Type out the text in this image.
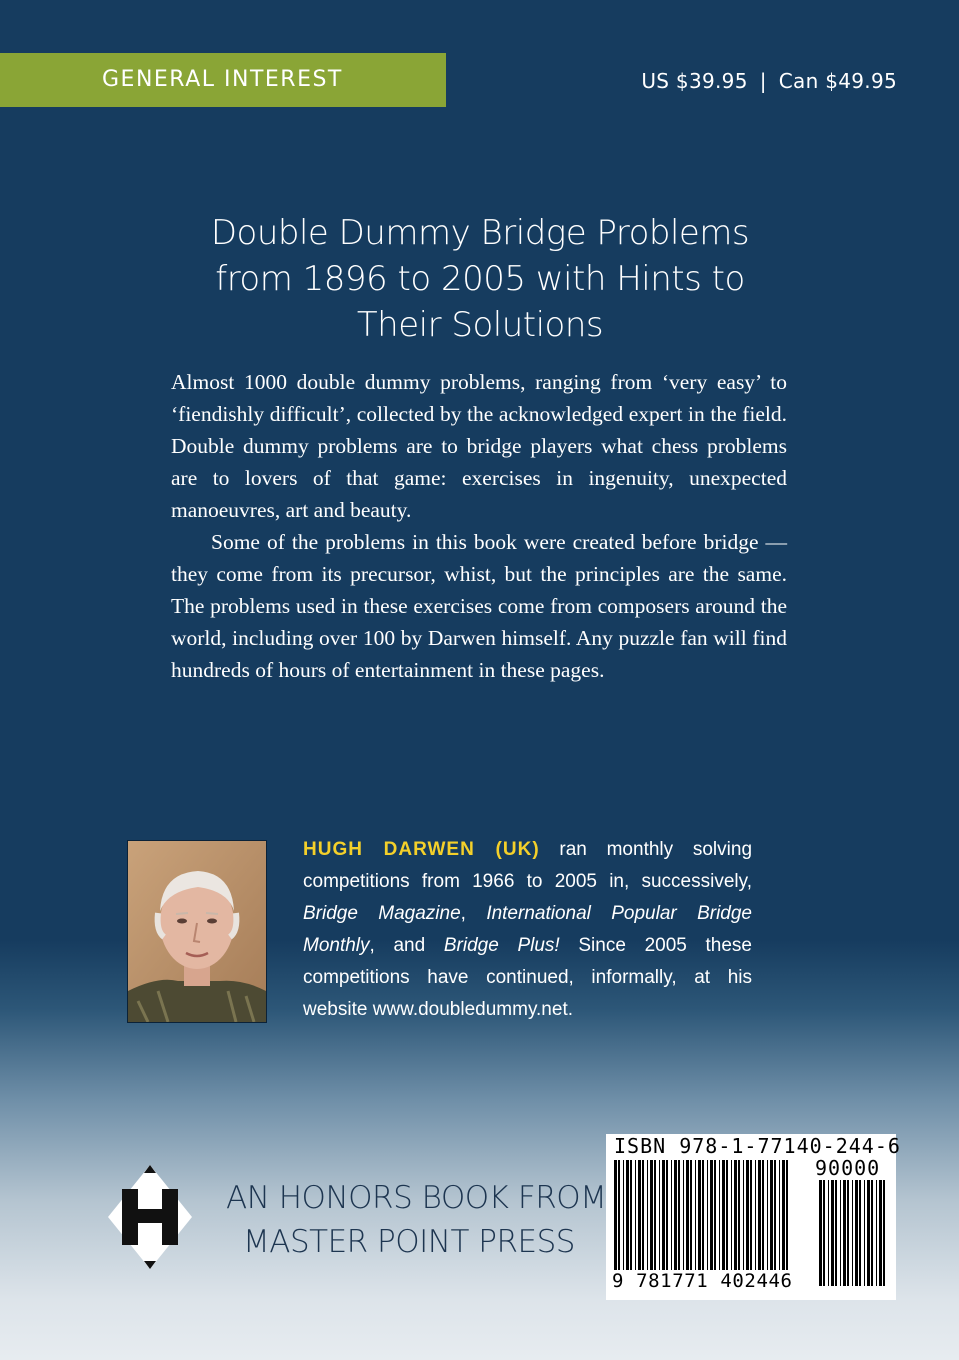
GENERAL INTEREST	US $39.95 | Can $49.95
Double Dummy Bridge Problems
from 1896 to 2005 with Hints to
Their Solutions

Almost 1000 double dummy problems, ranging from ‘very easy’ to ‘fiendishly difficult’, collected by the acknowledged expert in the field. Double dummy problems are to bridge players what chess problems are to lovers of that game: exercises in ingenuity, unexpected manoeuvres, art and beauty.

Some of the problems in this book were created before bridge — they come from its precursor, whist, but the principles are the same. The problems used in these exercises come from composers around the world, including over 100 by Darwen himself. Any puzzle fan will find hundreds of hours of entertainment in these pages.

HUGH DARWEN (UK) ran monthly solving competitions from 1966 to 2005 in, successively, Bridge Magazine, International Popular Bridge Monthly, and Bridge Plus! Since 2005 these competitions have continued, informally, at his website www.doubledummy.net.
AN HONORS BOOK FROM
MASTER POINT PRESS
ISBN 978-1-77140-244-6
90000
9 781771 402446
